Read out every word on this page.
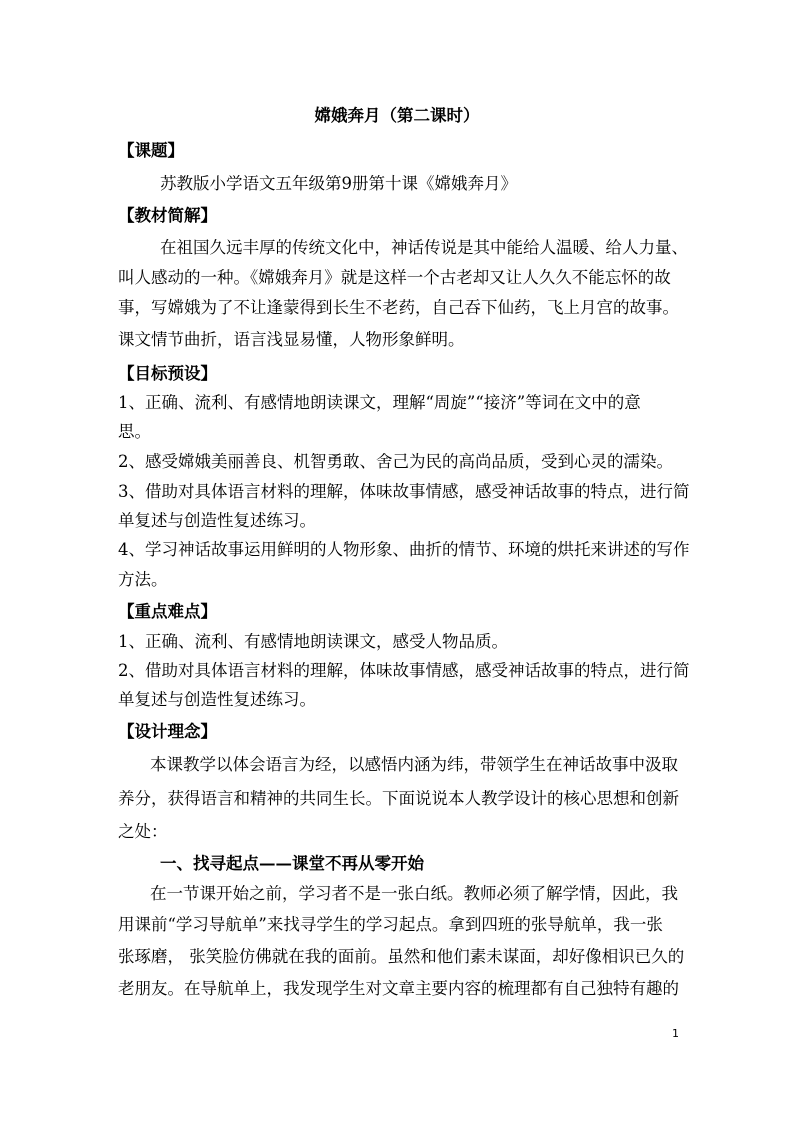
嫦娥奔月（第二课时）
【课题】
苏教版小学语文五年级第9册第十课《嫦娥奔月》
【教材简解】
在祖国久远丰厚的传统文化中，神话传说是其中能给人温暖、给人力量、
叫人感动的一种。《嫦娥奔月》就是这样一个古老却又让人久久不能忘怀的故
事，写嫦娥为了不让逢蒙得到长生不老药，自己吞下仙药，飞上月宫的故事。
课文情节曲折，语言浅显易懂，人物形象鲜明。
【目标预设】
1、正确、流利、有感情地朗读课文，理解“周旋”“接济”等词在文中的意
思。
2、感受嫦娥美丽善良、机智勇敢、舍己为民的高尚品质，受到心灵的濡染。
3、借助对具体语言材料的理解，体味故事情感，感受神话故事的特点，进行简
单复述与创造性复述练习。
4、学习神话故事运用鲜明的人物形象、曲折的情节、环境的烘托来讲述的写作
方法。
【重点难点】
1、正确、流利、有感情地朗读课文，感受人物品质。
2、借助对具体语言材料的理解，体味故事情感，感受神话故事的特点，进行简
单复述与创造性复述练习。
【设计理念】
本课教学以体会语言为经，以感悟内涵为纬，带领学生在神话故事中汲取
养分，获得语言和精神的共同生长。下面说说本人教学设计的核心思想和创新
之处：
一、找寻起点——课堂不再从零开始
在一节课开始之前，学习者不是一张白纸。教师必须了解学情，因此，我
用课前“学习导航单”来找寻学生的学习起点。拿到四班的张导航单，我一张
张琢磨， 张笑脸仿佛就在我的面前。虽然和他们素未谋面，却好像相识已久的
老朋友。在导航单上，我发现学生对文章主要内容的梳理都有自己独特有趣的
1
